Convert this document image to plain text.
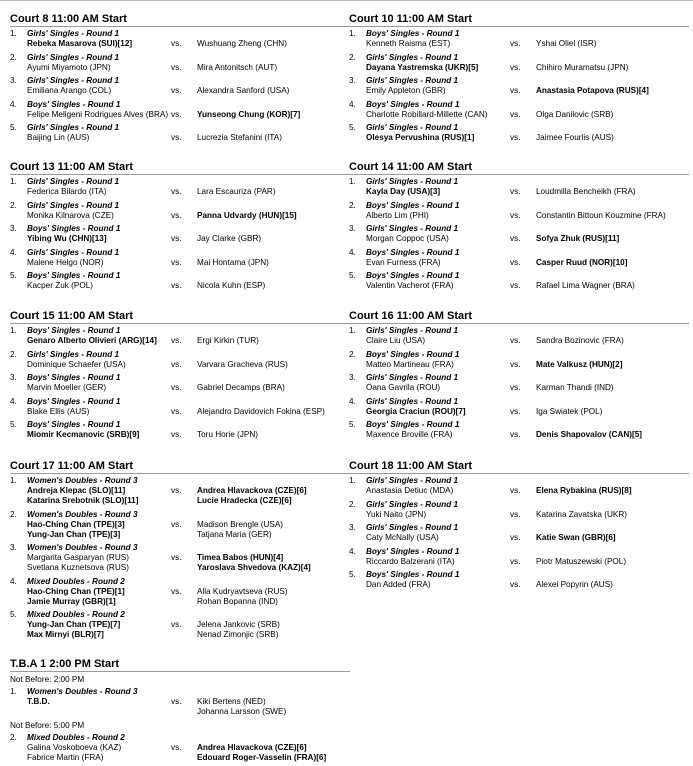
Court 8 11:00 AM Start
1. Girls' Singles - Round 1
Rebeka Masarova (SUI)[12]	vs. Wushuang Zheng (CHN)
2. Girls' Singles - Round 1
Ayumi Miyamoto (JPN)	vs. Mira Antonitsch (AUT)
3. Girls' Singles - Round 1
Emiliana Arango (COL)	vs. Alexandra Sanford (USA)
4. Boys' Singles - Round 1
Felipe Meligeni Rodrigues Alves (BRA) vs. Yunseong Chung (KOR)[7]
5. Girls' Singles - Round 1
Baijing Lin (AUS)	vs. Lucrezia Stefanini (ITA)
Court 10 11:00 AM Start
1. Boys' Singles - Round 1
Kenneth Raisma (EST)	vs. Yshai Oliel (ISR)
2. Girls' Singles - Round 1
Dayana Yastremska (UKR)[5]	vs. Chihiro Muramatsu (JPN)
3. Girls' Singles - Round 1
Emily Appleton (GBR)	vs. Anastasia Potapova (RUS)[4]
4. Boys' Singles - Round 1
Charlotte Robillard-Millette (CAN)	vs. Olga Danilovic (SRB)
5. Girls' Singles - Round 1
Olesya Pervushina (RUS)[1]	vs. Jaimee Fourlis (AUS)
Court 13 11:00 AM Start
1. Girls' Singles - Round 1
Federica Bilardo (ITA)	vs. Lara Escauriza (PAR)
2. Girls' Singles - Round 1
Monika Kilnarova (CZE)	vs. Panna Udvardy (HUN)[15]
3. Boys' Singles - Round 1
Yibing Wu (CHN)[13]	vs. Jay Clarke (GBR)
4. Girls' Singles - Round 1
Malene Helgo (NOR)	vs. Mai Hontama (JPN)
5. Boys' Singles - Round 1
Kacper Zuk (POL)	vs. Nicola Kuhn (ESP)
Court 14 11:00 AM Start
1. Girls' Singles - Round 1
Kayla Day (USA)[3]	vs. Loudmilla Bencheikh (FRA)
2. Boys' Singles - Round 1
Alberto Lim (PHI)	vs. Constantin Bittoun Kouzmine (FRA)
3. Girls' Singles - Round 1
Morgan Coppoc (USA)	vs. Sofya Zhuk (RUS)[11]
4. Boys' Singles - Round 1
Evan Furness (FRA)	vs. Casper Ruud (NOR)[10]
5. Boys' Singles - Round 1
Valentin Vacherot (FRA)	vs. Rafael Lima Wagner (BRA)
Court 15 11:00 AM Start
1. Boys' Singles - Round 1
Genaro Alberto Olivieri (ARG)[14]	vs. Ergi Kirkin (TUR)
2. Girls' Singles - Round 1
Dominique Schaefer (USA)	vs. Varvara Gracheva (RUS)
3. Boys' Singles - Round 1
Marvin Moeller (GER)	vs. Gabriel Decamps (BRA)
4. Boys' Singles - Round 1
Blake Ellis (AUS)	vs. Alejandro Davidovich Fokina (ESP)
5. Boys' Singles - Round 1
Miomir Kecmanovic (SRB)[9]	vs. Toru Horie (JPN)
Court 16 11:00 AM Start
1. Girls' Singles - Round 1
Claire Liu (USA)	vs. Sandra Bozinovic (FRA)
2. Boys' Singles - Round 1
Matteo Martineau (FRA)	vs. Mate Valkusz (HUN)[2]
3. Girls' Singles - Round 1
Oana Gavrila (ROU)	vs. Karman Thandi (IND)
4. Girls' Singles - Round 1
Georgia Craciun (ROU)[7]	vs. Iga Swiatek (POL)
5. Boys' Singles - Round 1
Maxence Broville (FRA)	vs. Denis Shapovalov (CAN)[5]
Court 17 11:00 AM Start
1. Women's Doubles - Round 3
Andreja Klepac (SLO)[11]
Katarina Srebotnik (SLO)[11]
vs. Andrea Hlavackova (CZE)[6]
Lucie Hradecka (CZE)[6]
2. Women's Doubles - Round 3
Hao-Ching Chan (TPE)[3]
Yung-Jan Chan (TPE)[3]
vs. Madison Brengle (USA)
Tatjana Maria (GER)
3. Women's Doubles - Round 3
Margarita Gasparyan (RUS)
Svetlana Kuznetsova (RUS)
vs. Timea Babos (HUN)[4]
Yaroslava Shvedova (KAZ)[4]
4. Mixed Doubles - Round 2
Hao-Ching Chan (TPE)[1]
Jamie Murray (GBR)[1]
vs. Alla Kudryavtseva (RUS)
Rohan Bopanna (IND)
5. Mixed Doubles - Round 2
Yung-Jan Chan (TPE)[7]
Max Mirnyi (BLR)[7]
vs. Jelena Jankovic (SRB)
Nenad Zimonjic (SRB)
Court 18 11:00 AM Start
1. Girls' Singles - Round 1
Anastasia Detiuc (MDA)	vs. Elena Rybakina (RUS)[8]
2. Girls' Singles - Round 1
Yuki Naito (JPN)	vs. Katarina Zavatska (UKR)
3. Girls' Singles - Round 1
Caty McNally (USA)	vs. Katie Swan (GBR)[6]
4. Boys' Singles - Round 1
Riccardo Balzerani (ITA)	vs. Piotr Matuszewski (POL)
5. Boys' Singles - Round 1
Dan Added (FRA)	vs. Alexei Popyrin (AUS)
T.B.A 1 2:00 PM Start
Not Before: 2:00 PM
1. Women's Doubles - Round 3
T.B.D.	vs. Kiki Bertens (NED)
Johanna Larsson (SWE)
Not Before: 5:00 PM
2. Mixed Doubles - Round 2
Galina Voskoboeva (KAZ)
Fabrice Martin (FRA)
vs. Andrea Hlavackova (CZE)[6]
Edouard Roger-Vasselin (FRA)[6]
